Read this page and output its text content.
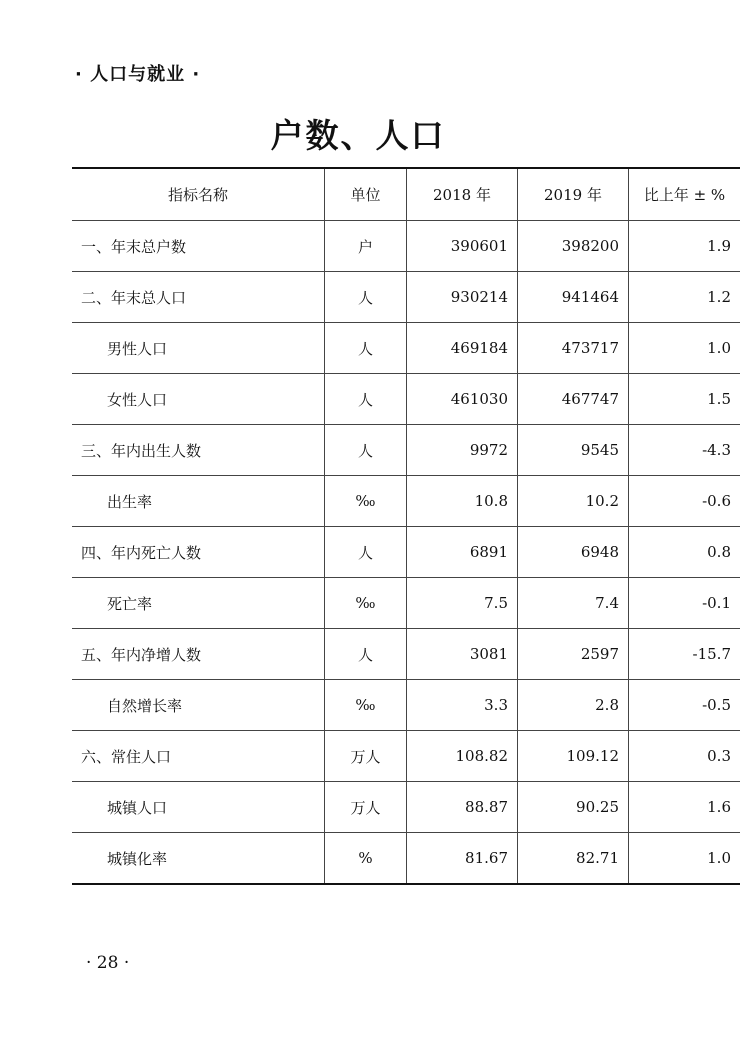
· 人口与就业 ·
户数、人口
指标名称	单位	2018 年	2019 年	比上年 ± %
一、年末总户数	户	390601	398200	1.9
二、年末总人口	人	930214	941464	1.2
男性人口	人	469184	473717	1.0
女性人口	人	461030	467747	1.5
三、年内出生人数	人	9972	9545	-4.3
出生率	‰	10.8	10.2	-0.6
四、年内死亡人数	人	6891	6948	0.8
死亡率	‰	7.5	7.4	-0.1
五、年内净增人数	人	3081	2597	-15.7
自然增长率	‰	3.3	2.8	-0.5
六、常住人口	万人	108.82	109.12	0.3
城镇人口	万人	88.87	90.25	1.6
城镇化率	%	81.67	82.71	1.0
· 28 ·
